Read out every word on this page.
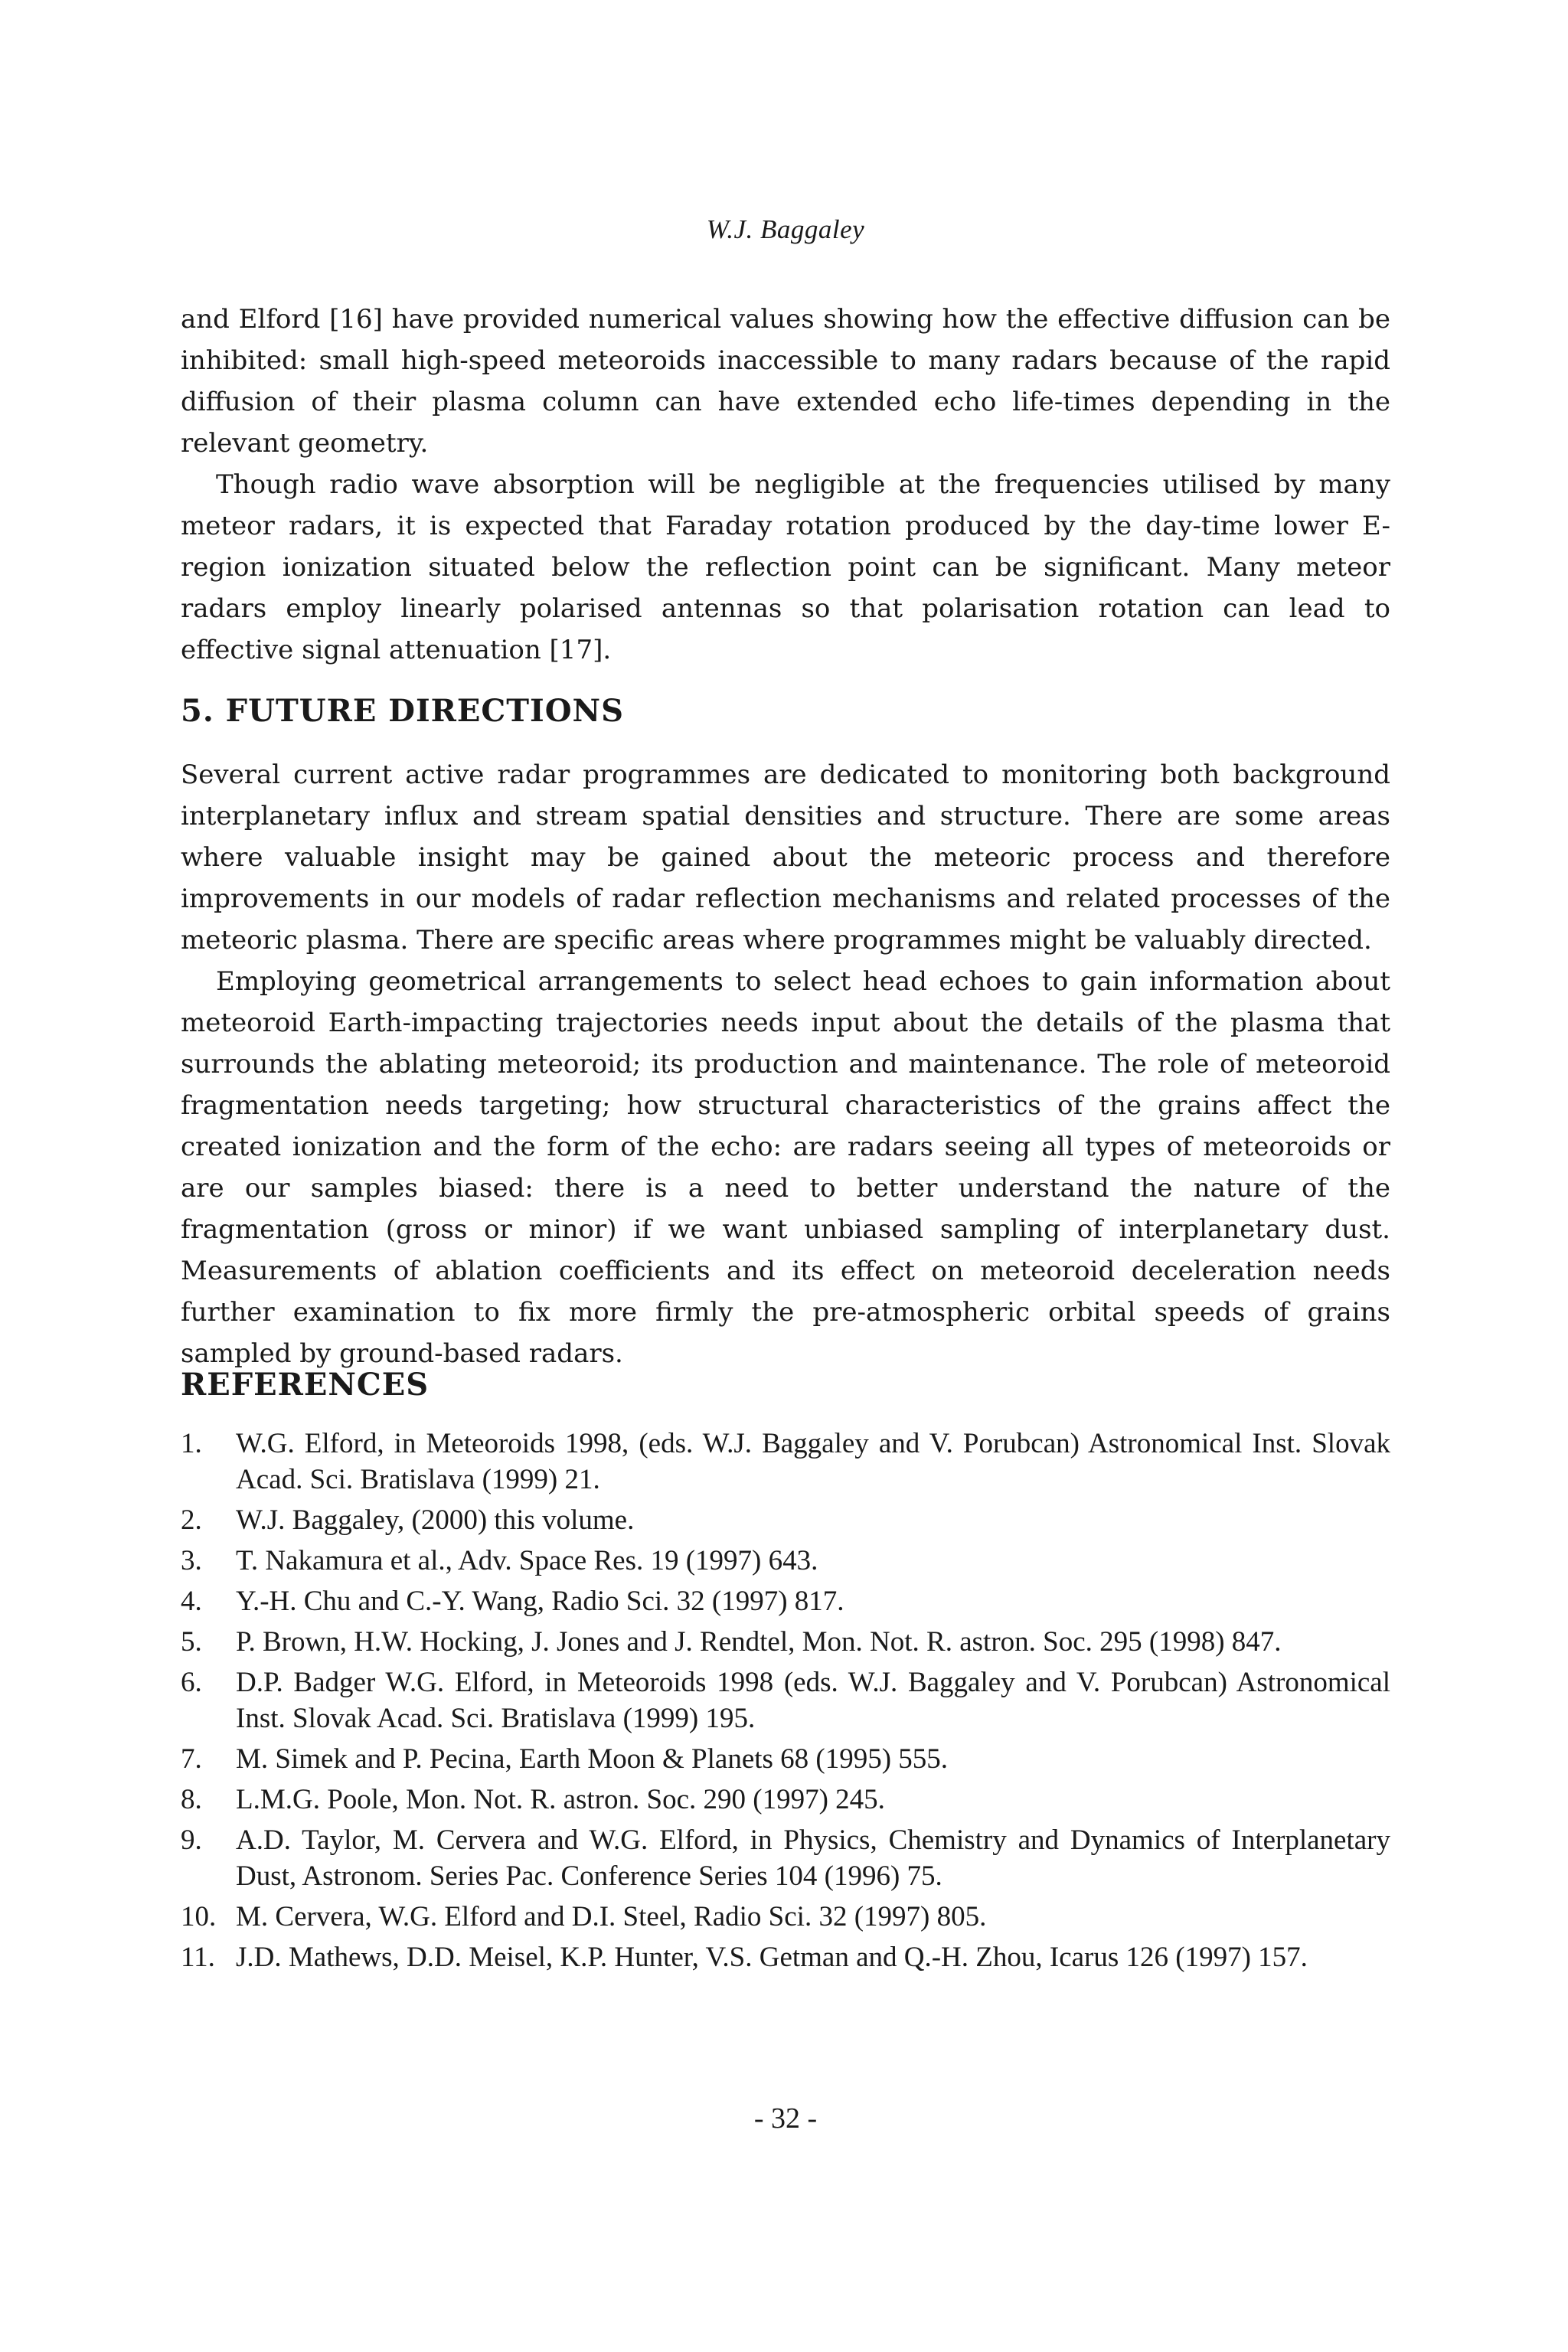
W.J. Baggaley

and Elford [16] have provided numerical values showing how the effective diffusion can be inhibited: small high-speed meteoroids inaccessible to many radars because of the rapid diffusion of their plasma column can have extended echo life-times depending in the relevant geometry.

Though radio wave absorption will be negligible at the frequencies utilised by many meteor radars, it is expected that Faraday rotation produced by the day-time lower E-region ionization situated below the reflection point can be significant. Many meteor radars employ linearly polarised antennas so that polarisation rotation can lead to effective signal attenuation [17].

5. FUTURE DIRECTIONS

Several current active radar programmes are dedicated to monitoring both background interplanetary influx and stream spatial densities and structure. There are some areas where valuable insight may be gained about the meteoric process and therefore improvements in our models of radar reflection mechanisms and related processes of the meteoric plasma. There are specific areas where programmes might be valuably directed.

Employing geometrical arrangements to select head echoes to gain information about meteoroid Earth-impacting trajectories needs input about the details of the plasma that surrounds the ablating meteoroid; its production and maintenance. The role of meteoroid fragmentation needs targeting; how structural characteristics of the grains affect the created ionization and the form of the echo: are radars seeing all types of meteoroids or are our samples biased: there is a need to better understand the nature of the fragmentation (gross or minor) if we want unbiased sampling of interplanetary dust. Measurements of ablation coefficients and its effect on meteoroid deceleration needs further examination to fix more firmly the pre-atmospheric orbital speeds of grains sampled by ground-based radars.

REFERENCES
1.	W.G. Elford, in Meteoroids 1998, (eds. W.J. Baggaley and V. Porubcan) Astronomical Inst. Slovak Acad. Sci. Bratislava (1999) 21.
2.	W.J. Baggaley, (2000) this volume.
3.	T. Nakamura et al., Adv. Space Res. 19 (1997) 643.
4.	Y.-H. Chu and C.-Y. Wang, Radio Sci. 32 (1997) 817.
5.	P. Brown, H.W. Hocking, J. Jones and J. Rendtel, Mon. Not. R. astron. Soc. 295 (1998) 847.
6.	D.P. Badger W.G. Elford, in Meteoroids 1998 (eds. W.J. Baggaley and V. Porubcan) Astronomical Inst. Slovak Acad. Sci. Bratislava (1999) 195.
7.	M. Simek and P. Pecina, Earth Moon & Planets 68 (1995) 555.
8.	L.M.G. Poole, Mon. Not. R. astron. Soc. 290 (1997) 245.
9.	A.D. Taylor, M. Cervera and W.G. Elford, in Physics, Chemistry and Dynamics of Interplanetary Dust, Astronom. Series Pac. Conference Series 104 (1996) 75.
10. M. Cervera, W.G. Elford and D.I. Steel, Radio Sci. 32 (1997) 805.
11. J.D. Mathews, D.D. Meisel, K.P. Hunter, V.S. Getman and Q.-H. Zhou, Icarus 126 (1997) 157.
- 32 -
